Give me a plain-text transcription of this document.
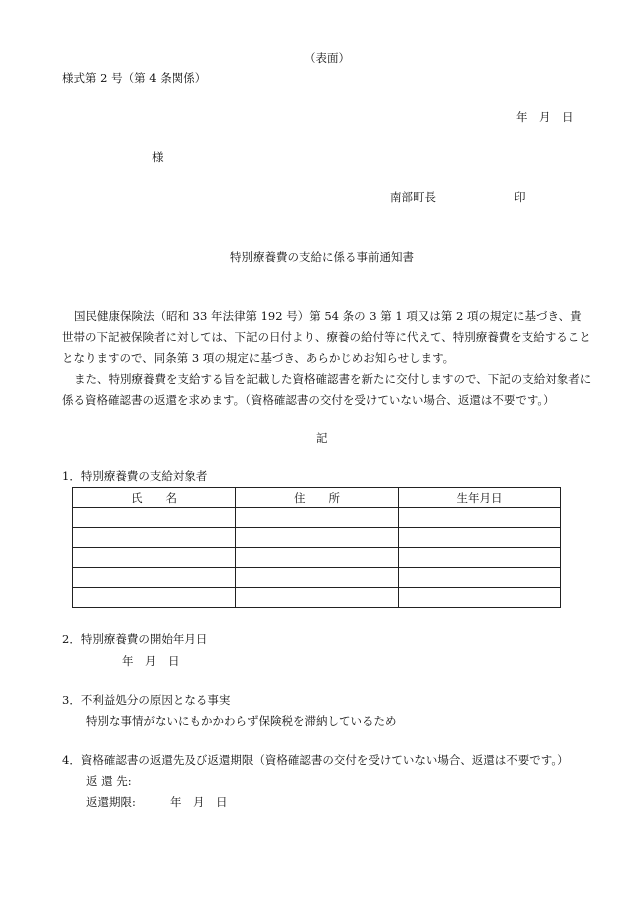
（表面）
様式第 2 号（第 4 条関係）
年　月　日
様
南部町長	印
特別療養費の支給に係る事前通知書

国民健康保険法（昭和 33 年法律第 192 号）第 54 条の 3 第 1 項又は第 2 項の規定に基づき、貴世帯の下記被保険者に対しては、下記の日付より、療養の給付等に代えて、特別療養費を支給することとなりますので、同条第 3 項の規定に基づき、あらかじめお知らせします。

また、特別療養費を支給する旨を記載した資格確認書を新たに交付しますので、下記の支給対象者に係る資格確認書の返還を求めます。（資格確認書の交付を受けていない場合、返還は不要です。）

記
1．特別療養費の支給対象者
氏　　名	住　　所	生年月日

2．特別療養費の開始年月日
年　月　日
3．不利益処分の原因となる事実
特別な事情がないにもかかわらず保険税を滞納しているため
4．資格確認書の返還先及び返還期限（資格確認書の交付を受けていない場合、返還は不要です。）
返 還 先:
返還期限:	年　月　日
